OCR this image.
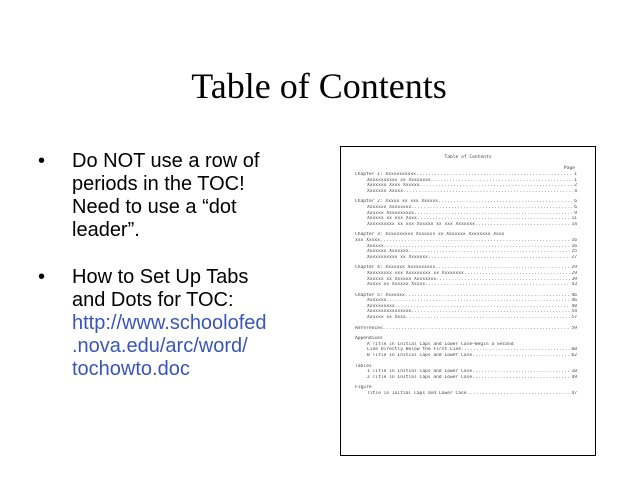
Table of Contents
• Do NOT use a row of
periods in the TOC!
Need to use a “dot
leader”.
• How to Set Up Tabs
and Dots for TOC:
http://www.schoolofed
.nova.edu/arc/word/
tochowto.doc
Table of Contents
Page
Chapter 1: Xxxxxxxxxxx .....	1
Xxxxxxxxxxx xx Xxxxxxxx .....	1
Xxxxxxx Xxxx Xxxxxx .....	2
Xxxxxxx Xxxxx .....	4
Chapter 2: Xxxxx xx xxx Xxxxxx .....	6
Xxxxxxx Xxxxxxxx .....	6
Xxxxxx Xxxxxxxxxx .....	9
Xxxxxx xx xxx Xxxx .....	11
Xxxxxxxxxx xx xxx Xxxxxx xx xxx Xxxxxxx .....	14
Chapter 3: Xxxxxxxxxx Xxxxxxx xx Xxxxxxx Xxxxxxxx Xxxx
xxx Xxxxx .....	16
Xxxxxx .....	16
Xxxxxxx Xxxxxxx .....	25
Xxxxxxxxxxx xx Xxxxxxx .....	27
Chapter 4: Xxxxxxx Xxxxxxxxxx .....	29
Xxxxxxxxx xxx Xxxxxxxxx xx Xxxxxxxx .....	29
Xxxxxx xx Xxxxxx Xxxxxxxx .....	39
Xxxxx xx Xxxxxx Xxxxx .....	43
Chapter 5: Xxxxxxx .....	46
Xxxxxxx .....	46
Xxxxxxxxxx .....	48
Xxxxxxxxxxxxxxxx .....	54
Xxxxxx xx Xxxx .....	57
References .....	59
Appendixes
A Title in Initial Caps and Lower Case—Begin a Second
Line Directly Below the First Line .....	60
B Title in Initial Caps and Lower Case .....	62
Tables
1 Title in Initial Caps and Lower Case .....	10
2 Title in Initial Caps and Lower Case .....	49
Figure
Title in Initial Caps and Lower Case .....	47
